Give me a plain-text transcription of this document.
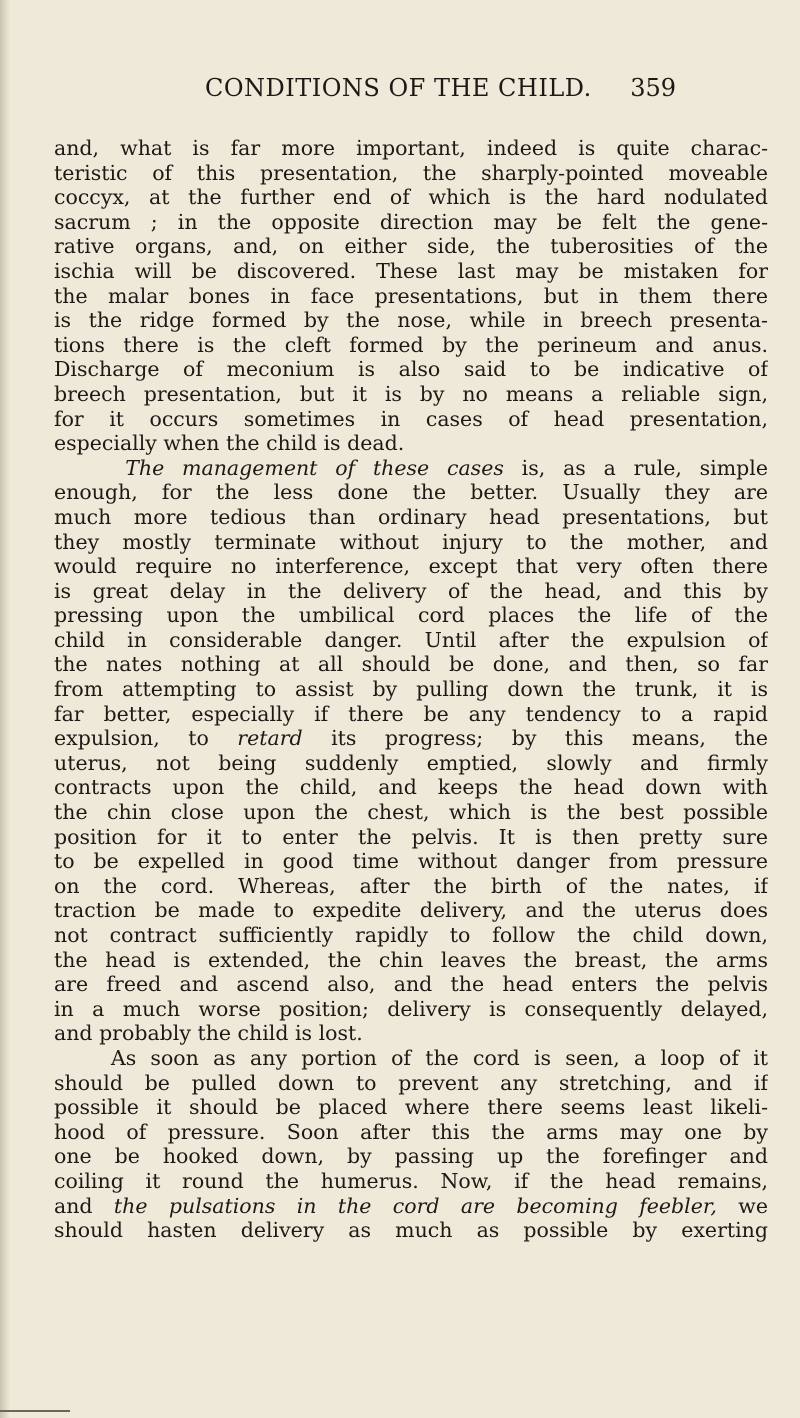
CONDITIONS OF THE CHILD. 359
and, what is far more important, indeed is quite charac-
teristic of this presentation, the sharply-pointed moveable
coccyx, at the further end of which is the hard nodulated
sacrum ; in the opposite direction may be felt the gene-
rative organs, and, on either side, the tuberosities of the
ischia will be discovered. These last may be mistaken for
the malar bones in face presentations, but in them there
is the ridge formed by the nose, while in breech presenta-
tions there is the cleft formed by the perineum and anus.
Discharge of meconium is also said to be indicative of
breech presentation, but it is by no means a reliable sign,
for it occurs sometimes in cases of head presentation,
especially when the child is dead.
The management of these cases is, as a rule, simple
enough, for the less done the better. Usually they are
much more tedious than ordinary head presentations, but
they mostly terminate without injury to the mother, and
would require no interference, except that very often there
is great delay in the delivery of the head, and this by
pressing upon the umbilical cord places the life of the
child in considerable danger. Until after the expulsion of
the nates nothing at all should be done, and then, so far
from attempting to assist by pulling down the trunk, it is
far better, especially if there be any tendency to a rapid
expulsion, to retard its progress; by this means, the
uterus, not being suddenly emptied, slowly and firmly
contracts upon the child, and keeps the head down with
the chin close upon the chest, which is the best possible
position for it to enter the pelvis. It is then pretty sure
to be expelled in good time without danger from pressure
on the cord. Whereas, after the birth of the nates, if
traction be made to expedite delivery, and the uterus does
not contract sufficiently rapidly to follow the child down,
the head is extended, the chin leaves the breast, the arms
are freed and ascend also, and the head enters the pelvis
in a much worse position; delivery is consequently delayed,
and probably the child is lost.
As soon as any portion of the cord is seen, a loop of it
should be pulled down to prevent any stretching, and if
possible it should be placed where there seems least likeli-
hood of pressure. Soon after this the arms may one by
one be hooked down, by passing up the forefinger and
coiling it round the humerus. Now, if the head remains,
and the pulsations in the cord are becoming feebler, we
should hasten delivery as much as possible by exerting
